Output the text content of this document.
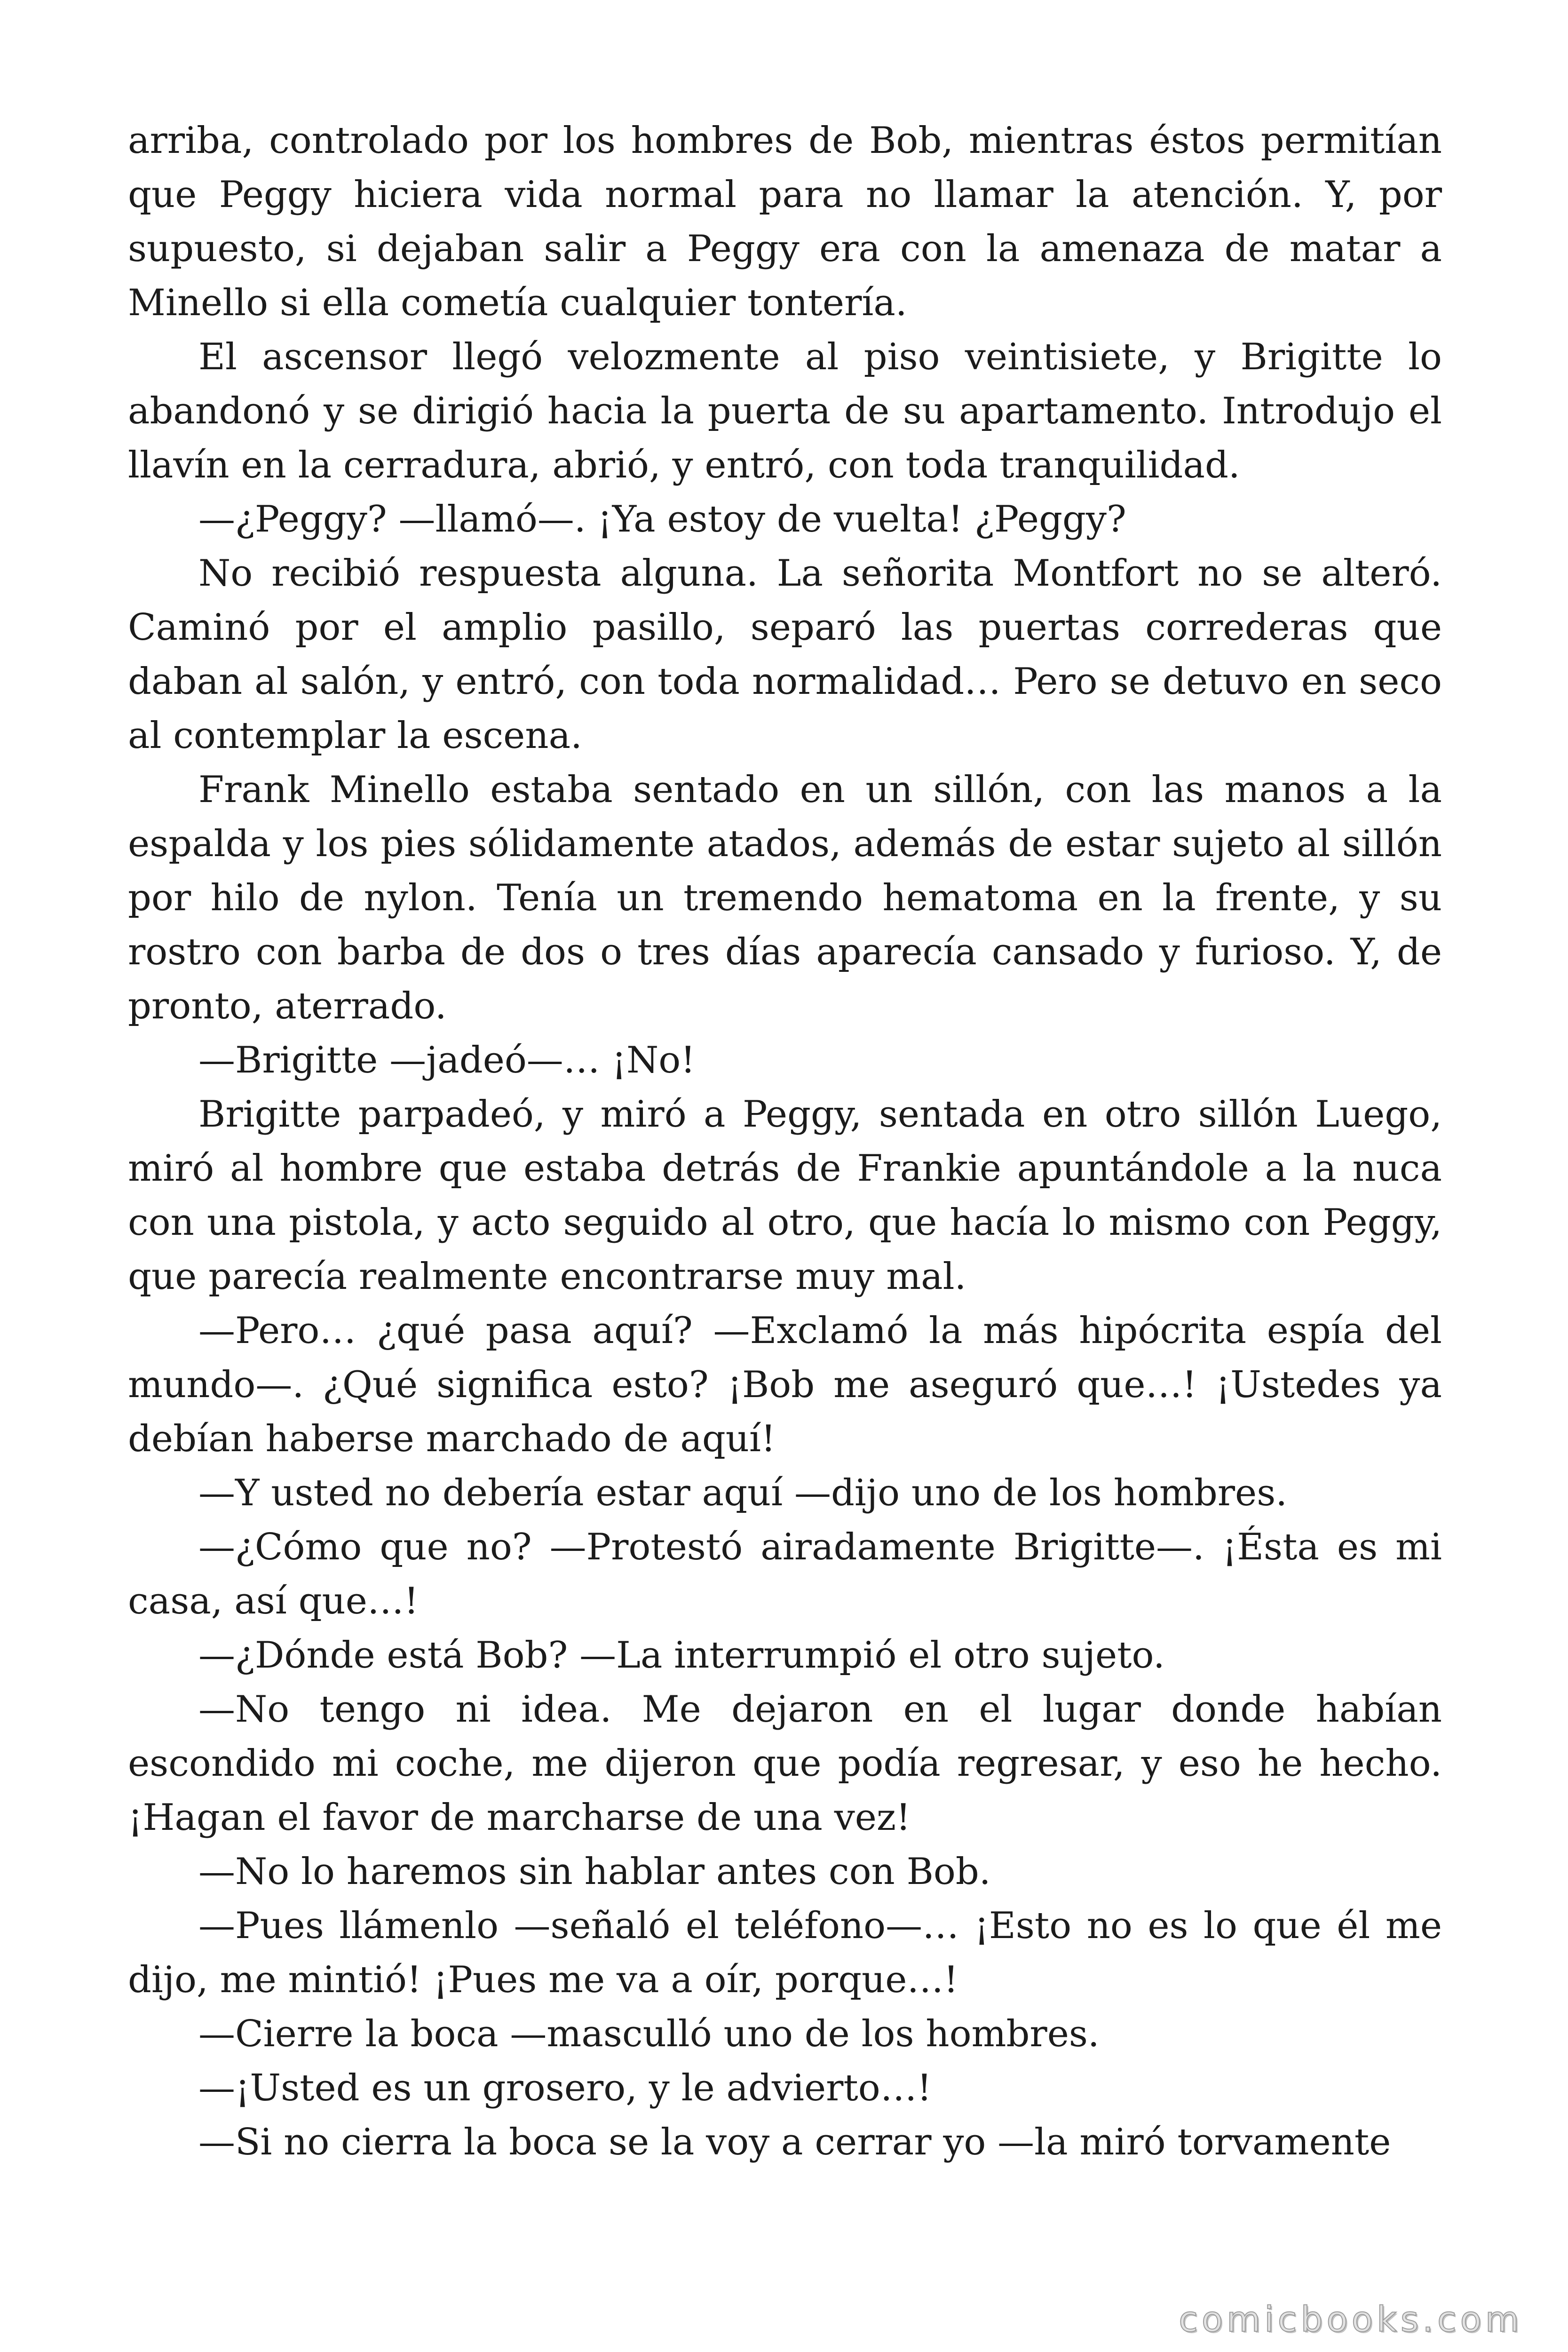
arriba, controlado por los hombres de Bob, mientras éstos permitían que Peggy hiciera vida normal para no llamar la atención. Y, por supuesto, si dejaban salir a Peggy era con la amenaza de matar a Minello si ella cometía cualquier tontería.

El ascensor llegó velozmente al piso veintisiete, y Brigitte lo abandonó y se dirigió hacia la puerta de su apartamento. Introdujo el llavín en la cerradura, abrió, y entró, con toda tranquilidad.

—¿Peggy? —llamó—. ¡Ya estoy de vuelta! ¿Peggy?

No recibió respuesta alguna. La señorita Montfort no se alteró. Caminó por el amplio pasillo, separó las puertas correderas que daban al salón, y entró, con toda normalidad… Pero se detuvo en seco al contemplar la escena.

Frank Minello estaba sentado en un sillón, con las manos a la espalda y los pies sólidamente atados, además de estar sujeto al sillón por hilo de nylon. Tenía un tremendo hematoma en la frente, y su rostro con barba de dos o tres días aparecía cansado y furioso. Y, de pronto, aterrado.

—Brigitte —jadeó—… ¡No!

Brigitte parpadeó, y miró a Peggy, sentada en otro sillón Luego, miró al hombre que estaba detrás de Frankie apuntándole a la nuca con una pistola, y acto seguido al otro, que hacía lo mismo con Peggy, que parecía realmente encontrarse muy mal.

—Pero… ¿qué pasa aquí? —Exclamó la más hipócrita espía del mundo—. ¿Qué significa esto? ¡Bob me aseguró que…! ¡Ustedes ya debían haberse marchado de aquí!

—Y usted no debería estar aquí —dijo uno de los hombres.

—¿Cómo que no? —Protestó airadamente Brigitte—. ¡Ésta es mi casa, así que…!

—¿Dónde está Bob? —La interrumpió el otro sujeto.

—No tengo ni idea. Me dejaron en el lugar donde habían escondido mi coche, me dijeron que podía regresar, y eso he hecho. ¡Hagan el favor de marcharse de una vez!

—No lo haremos sin hablar antes con Bob.

—Pues llámenlo —señaló el teléfono—… ¡Esto no es lo que él me dijo, me mintió! ¡Pues me va a oír, porque…!

—Cierre la boca —masculló uno de los hombres.

—¡Usted es un grosero, y le advierto…!

—Si no cierra la boca se la voy a cerrar yo —la miró torvamente

comicbooks.com
